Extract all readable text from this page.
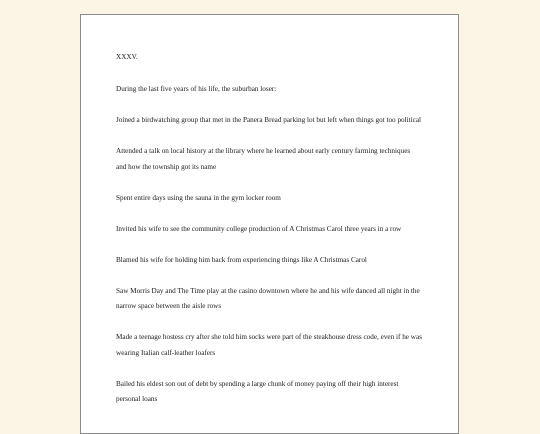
XXXV.
During the last five years of his life, the suburban loser:

Joined a birdwatching group that met in the Panera Bread parking lot but left when things got too political

Attended a talk on local history at the library where he learned about early century farming techniques and how the township got its name

Spent entire days using the sauna in the gym locker room

Invited his wife to see the community college production of A Christmas Carol three years in a row

Blamed his wife for holding him back from experiencing things like A Christmas Carol

Saw Morris Day and The Time play at the casino downtown where he and his wife danced all night in the narrow space between the aisle rows

Made a teenage hostess cry after she told him socks were part of the steakhouse dress code, even if he was wearing Italian calf-leather loafers

Bailed his eldest son out of debt by spending a large chunk of money paying off their high interest personal loans
